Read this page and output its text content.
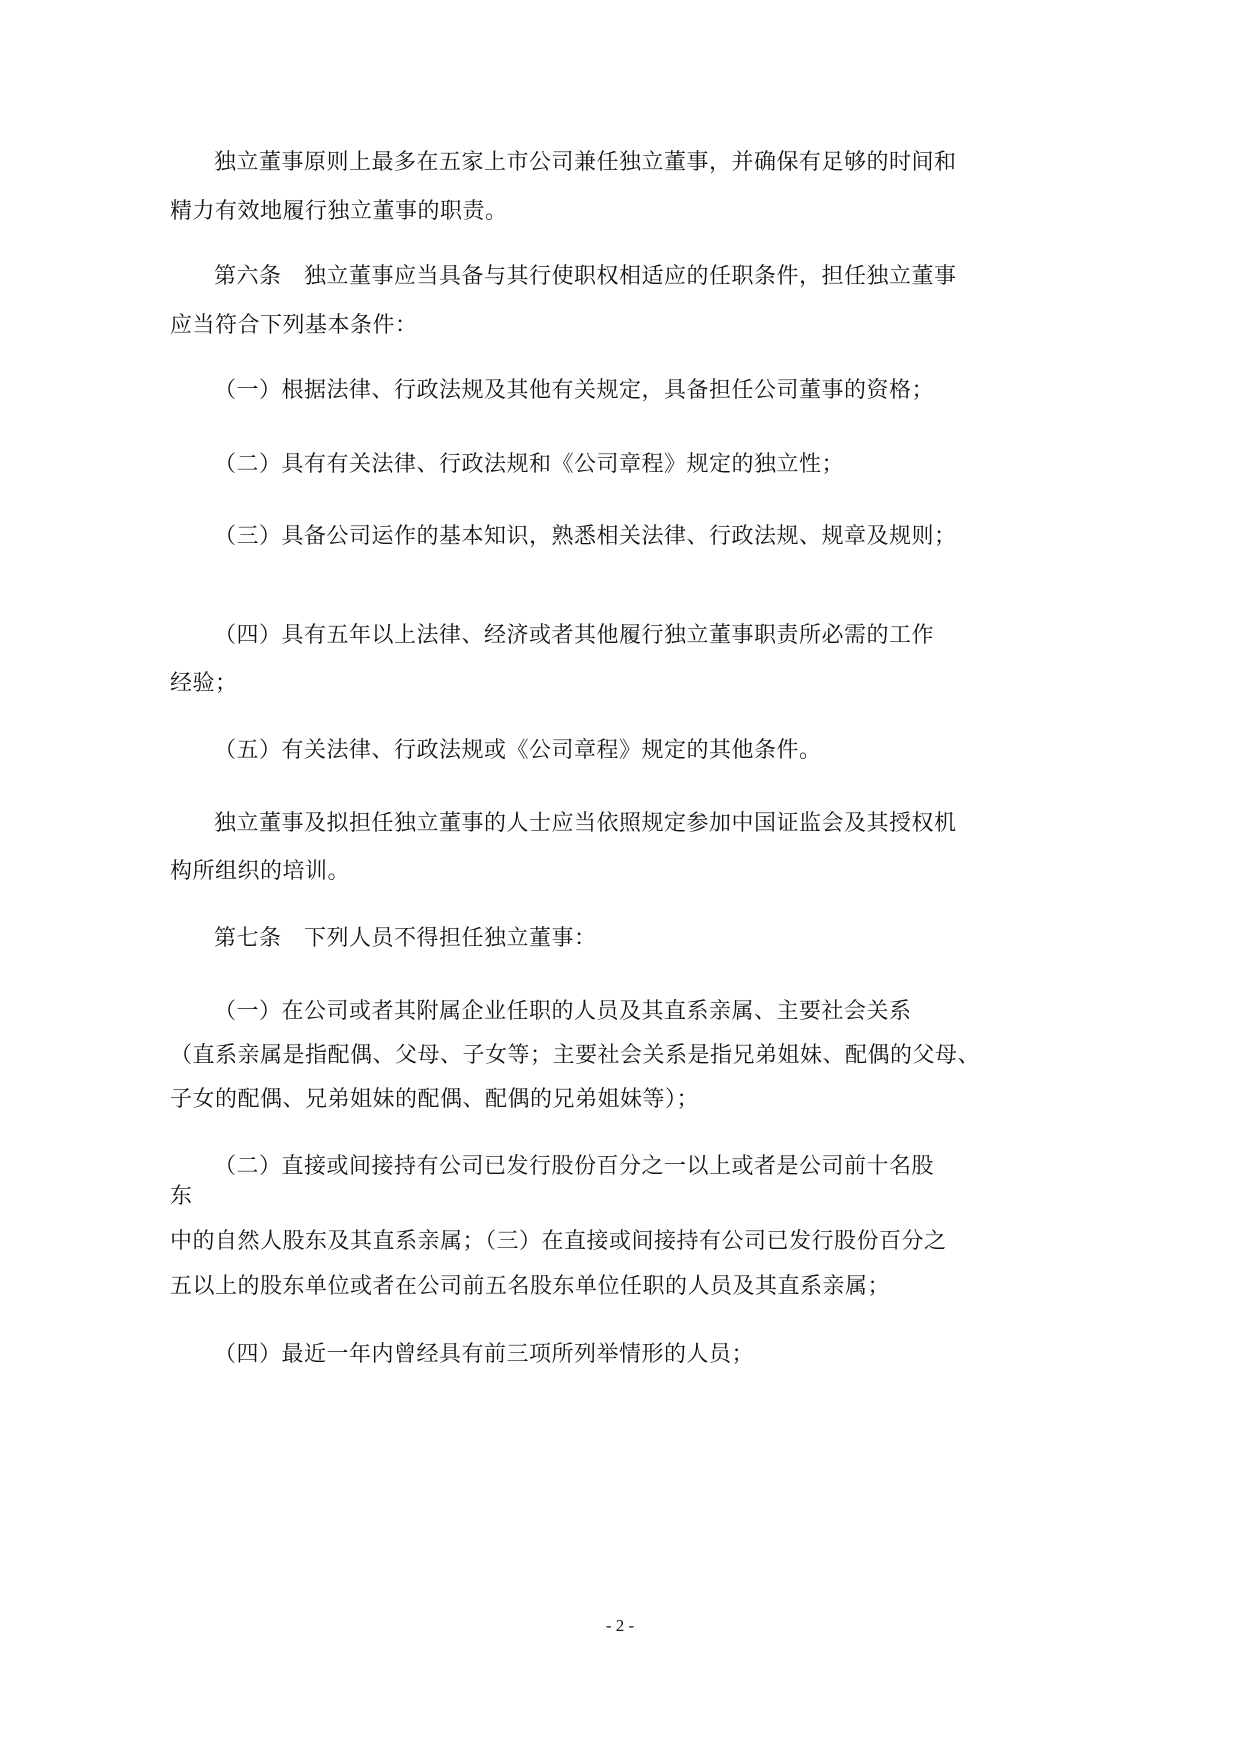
独立董事原则上最多在五家上市公司兼任独立董事，并确保有足够的时间和
精力有效地履行独立董事的职责。
第六条　独立董事应当具备与其行使职权相适应的任职条件，担任独立董事
应当符合下列基本条件：
（一）根据法律、行政法规及其他有关规定，具备担任公司董事的资格；
（二）具有有关法律、行政法规和《公司章程》规定的独立性；
（三）具备公司运作的基本知识，熟悉相关法律、行政法规、规章及规则；
（四）具有五年以上法律、经济或者其他履行独立董事职责所必需的工作
经验；
（五）有关法律、行政法规或《公司章程》规定的其他条件。
独立董事及拟担任独立董事的人士应当依照规定参加中国证监会及其授权机
构所组织的培训。
第七条　下列人员不得担任独立董事：
（一）在公司或者其附属企业任职的人员及其直系亲属、主要社会关系
（直系亲属是指配偶、父母、子女等；主要社会关系是指兄弟姐妹、配偶的父母、
子女的配偶、兄弟姐妹的配偶、配偶的兄弟姐妹等）；
（二）直接或间接持有公司已发行股份百分之一以上或者是公司前十名股
东
中的自然人股东及其直系亲属；（三）在直接或间接持有公司已发行股份百分之
五以上的股东单位或者在公司前五名股东单位任职的人员及其直系亲属；
（四）最近一年内曾经具有前三项所列举情形的人员；
- 2 -
